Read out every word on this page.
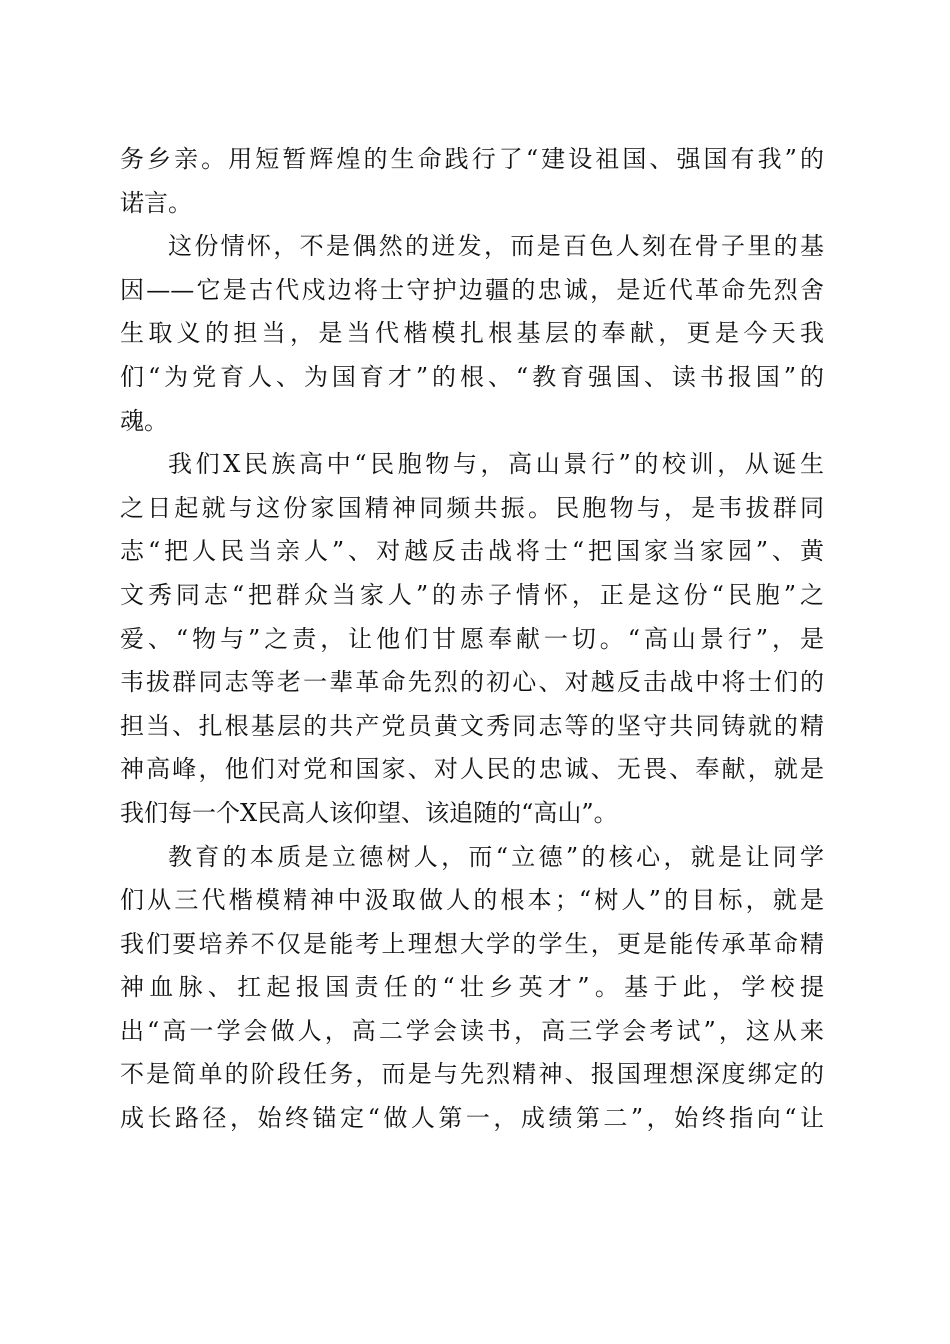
务乡亲。用短暂辉煌的生命践行了“建设祖国、强国有我”的
诺言。
这份情怀，不是偶然的迸发，而是百色人刻在骨子里的基
因——它是古代戍边将士守护边疆的忠诚，是近代革命先烈舍
生取义的担当，是当代楷模扎根基层的奉献，更是今天我
们“为党育人、为国育才”的根、“教育强国、读书报国”的
魂。
我们X民族高中“民胞物与，高山景行”的校训，从诞生
之日起就与这份家国精神同频共振。民胞物与，是韦拔群同
志“把人民当亲人”、对越反击战将士“把国家当家园”、黄
文秀同志“把群众当家人”的赤子情怀，正是这份“民胞”之
爱、“物与”之责，让他们甘愿奉献一切。“高山景行”，是
韦拔群同志等老一辈革命先烈的初心、对越反击战中将士们的
担当、扎根基层的共产党员黄文秀同志等的坚守共同铸就的精
神高峰，他们对党和国家、对人民的忠诚、无畏、奉献，就是
我们每一个X民高人该仰望、该追随的“高山”。
教育的本质是立德树人，而“立德”的核心，就是让同学
们从三代楷模精神中汲取做人的根本；“树人”的目标，就是
我们要培养不仅是能考上理想大学的学生，更是能传承革命精
神血脉、扛起报国责任的“壮乡英才”。基于此，学校提
出“高一学会做人，高二学会读书，高三学会考试”，这从来
不是简单的阶段任务，而是与先烈精神、报国理想深度绑定的
成长路径，始终锚定“做人第一，成绩第二”，始终指向“让
